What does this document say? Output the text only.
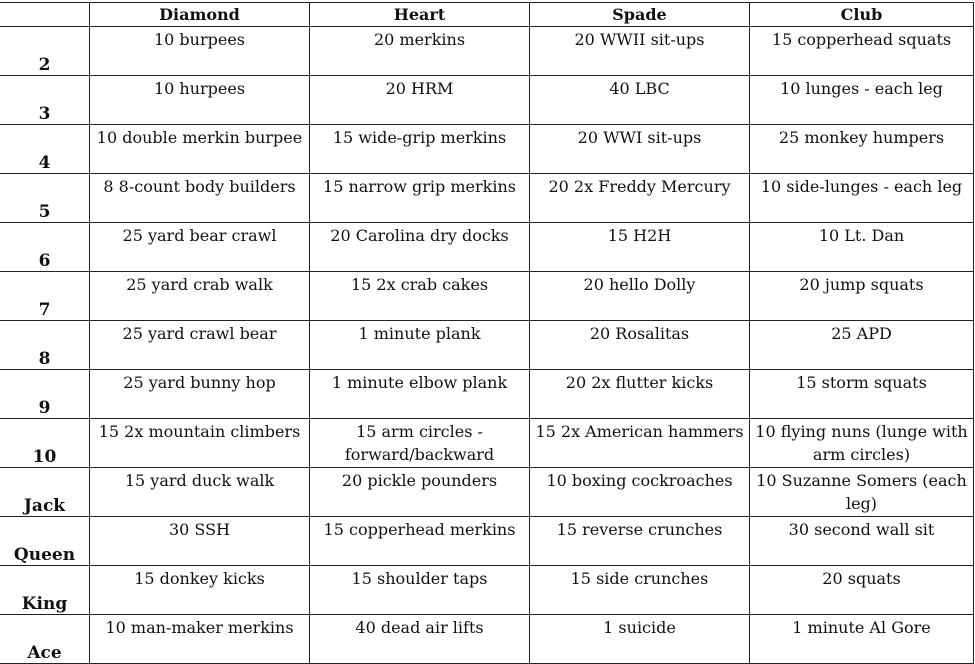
	Diamond	Heart	Spade	Club
2	10 burpees	20 merkins	20 WWII sit-ups	15 copperhead squats
3	10 hurpees	20 HRM	40 LBC	10 lunges - each leg
4	10 double merkin burpee	15 wide-grip merkins	20 WWI sit-ups	25 monkey humpers
5	8 8-count body builders	15 narrow grip merkins	20 2x Freddy Mercury	10 side-lunges - each leg
6	25 yard bear crawl	20 Carolina dry docks	15 H2H	10 Lt. Dan
7	25 yard crab walk	15 2x crab cakes	20 hello Dolly	20 jump squats
8	25 yard crawl bear	1 minute plank	20 Rosalitas	25 APD
9	25 yard bunny hop	1 minute elbow plank	20 2x flutter kicks	15 storm squats
10	15 2x mountain climbers	15 arm circles - forward/backward	15 2x American hammers	10 flying nuns (lunge with arm circles)
Jack	15 yard duck walk	20 pickle pounders	10 boxing cockroaches	10 Suzanne Somers (each leg)
Queen	30 SSH	15 copperhead merkins	15 reverse crunches	30 second wall sit
King	15 donkey kicks	15 shoulder taps	15 side crunches	20 squats
Ace	10 man-maker merkins	40 dead air lifts	1 suicide	1 minute Al Gore
